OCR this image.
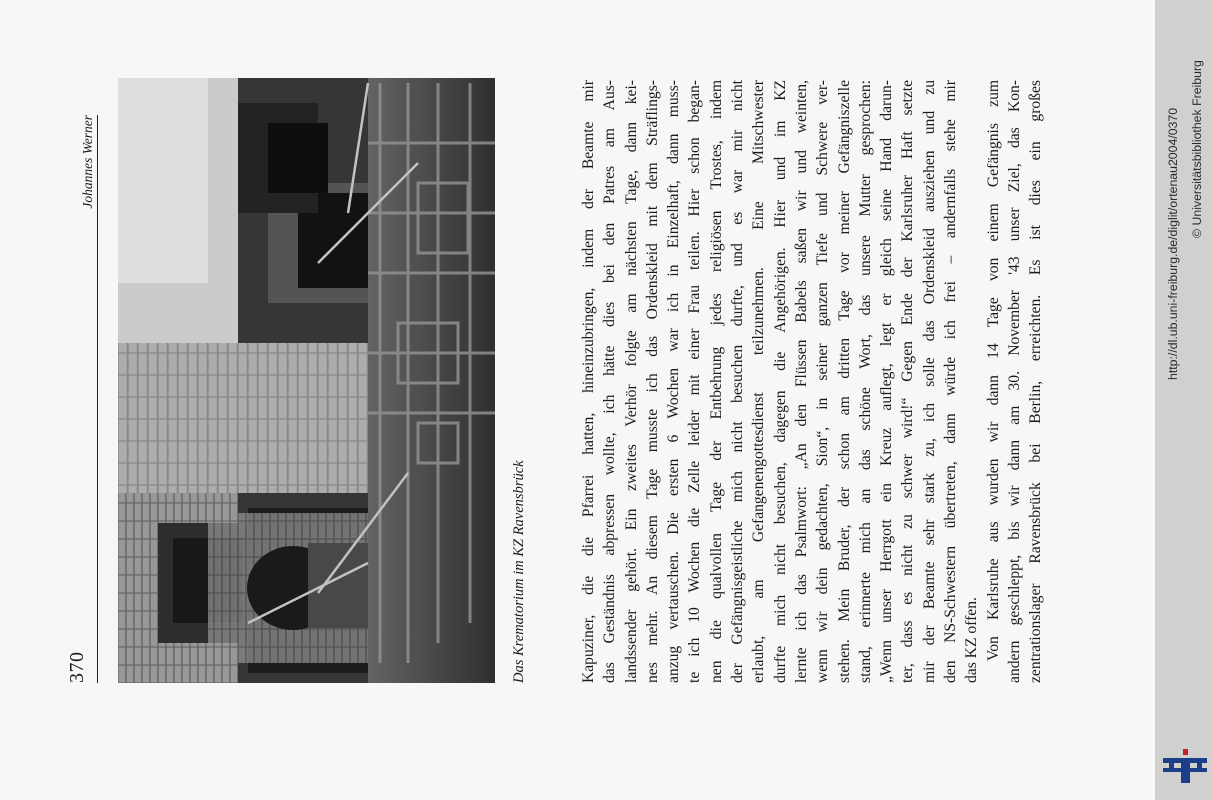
370
Johannes Werner
Das Krematorium im KZ Ravensbrück	Kapuziner, die die Pfarrei hatten, hineinzubringen, indem der Beamte mir das Geständnis abpressen wollte, ich hätte dies bei den Patres am Aus- landssender gehört. Ein zweites Verhör folgte am nächsten Tage, dann kei- nes mehr. An diesem Tage musste ich das Ordenskleid mit dem Sträflings- anzug vertauschen. Die ersten 6 Wochen war ich in Einzelhaft, dann muss- te ich 10 Wochen die Zelle leider mit einer Frau teilen. Hier schon began- nen die qualvollen Tage der Entbehrung jedes religiösen Trostes, indem der Gefängnisgeistliche mich nicht besuchen durfte, und es war mir nicht erlaubt, am Gefangenengottesdienst teilzunehmen. Eine Mitschwester durfte mich nicht besuchen, dagegen die Angehörigen. Hier und im KZ lernte ich das Psalmwort: „An den Flüssen Babels saßen wir und weinten, wenn wir dein gedachten, Sion“, in seiner ganzen Tiefe und Schwere ver- stehen. Mein Bruder, der schon am dritten Tage vor meiner Gefängniszelle stand, erinnerte mich an das schöne Wort, das unsere Mutter gesprochen: „Wenn unser Herrgott ein Kreuz auflegt, legt er gleich seine Hand darun- ter, dass es nicht zu schwer wird!“ Gegen Ende der Karlsruher Haft setzte mir der Beamte sehr stark zu, ich solle das Ordenskleid ausziehen und zu den NS-Schwestern übertreten, dann würde ich frei – andernfalls stehe mir das KZ offen. Von Karlsruhe aus wurden wir dann 14 Tage von einem Gefängnis zum andern geschleppt, bis wir dann am 30. November '43 unser Ziel, das Kon- zentrationslager Ravensbrück bei Berlin, erreichten. Es ist dies ein großes	http://dl.ub.uni-freiburg.de/diglit/ortenau2004/0370 © Universitätsbibliothek Freiburg
